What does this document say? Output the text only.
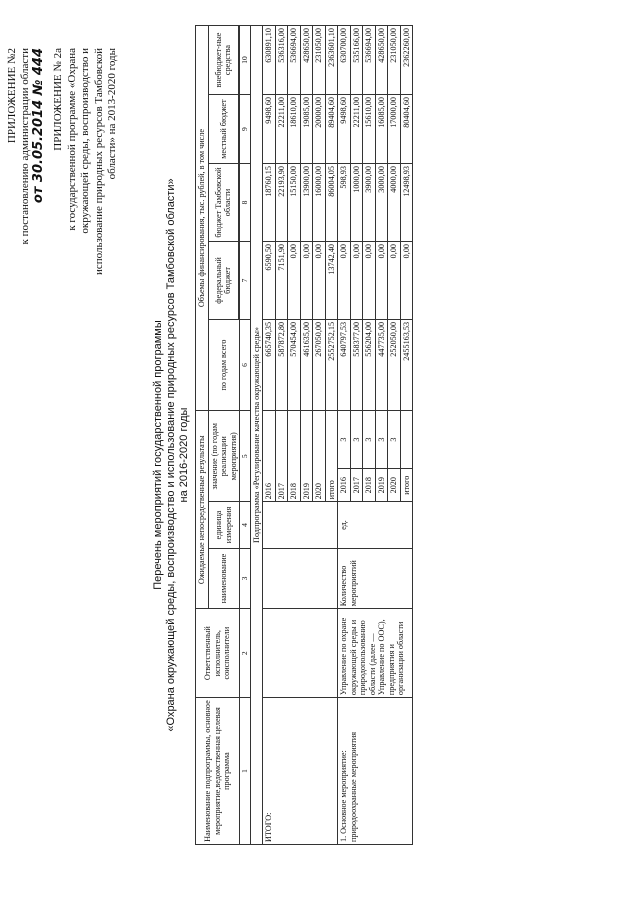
ПРИЛОЖЕНИЕ №2 к постановлению администрации области от 30.05.2014 № 444 ПРИЛОЖЕНИЕ № 2а к государственной программе «Охрана окружающей среды, воспроизводство и использование природных ресурсов Тамбовской области» на 2013-2020 годы
Перечень мероприятий государственной программы «Охрана окружающей среды, воспроизводство и использование природных ресурсов Тамбовской области» на 2016-2020 годы
Наименование подпрограммы, основное мероприятие,ведомственная целевая программа	Ответственный исполнитель, соисполнители	Ожидаемые непосредственные результаты				Объемы финансирования, тыс. рублей, в том числе				
		наименование	единица измерения	значение (по годам реализации мероприятия)		по годам всего	федеральный бюджет	бюджет Тамбовской области	местный бюджет	внебюджет-ные средства

1	2	3	4	5		6	7	8	9	10
Подпрограмма «Регулирование качества окружающей среды»										
ИТОГО:				2016		665740,35	6590,50	18760,15	9498,60	630891,10
				2017		587872,80	7151,90	22193,90	22211,00	536316,00
				2018		570454,00	0,00	15150,00	18610,00	536694,00
				2019		461635,00	0,00	13900,00	19085,00	428650,00
				2020		267050,00	0,00	16000,00	20000,00	231050,00
				итого		2552752,15	13742,40	86004,05	89404,60	2363601,10
1. Основное мероприятие: природоохранные мероприятия	Управление по охране окружающей среды и природопользованию области (далее — Управление по ООС), предприятия и организации области	Количество мероприятий	ед.	2016	3	640797,53	0,00	598,93	9498,60	630700,00
				2017	3	558377,00	0,00	1000,00	22211,00	535166,00
				2018	3	556204,00	0,00	3900,00	15610,00	536694,00
				2019	3	447735,00	0,00	3000,00	16085,00	428650,00
				2020	3	252050,00	0,00	4000,00	17000,00	231050,00
				итого		2455163,53	0,00	12498,93	80404,60	2362260,00
